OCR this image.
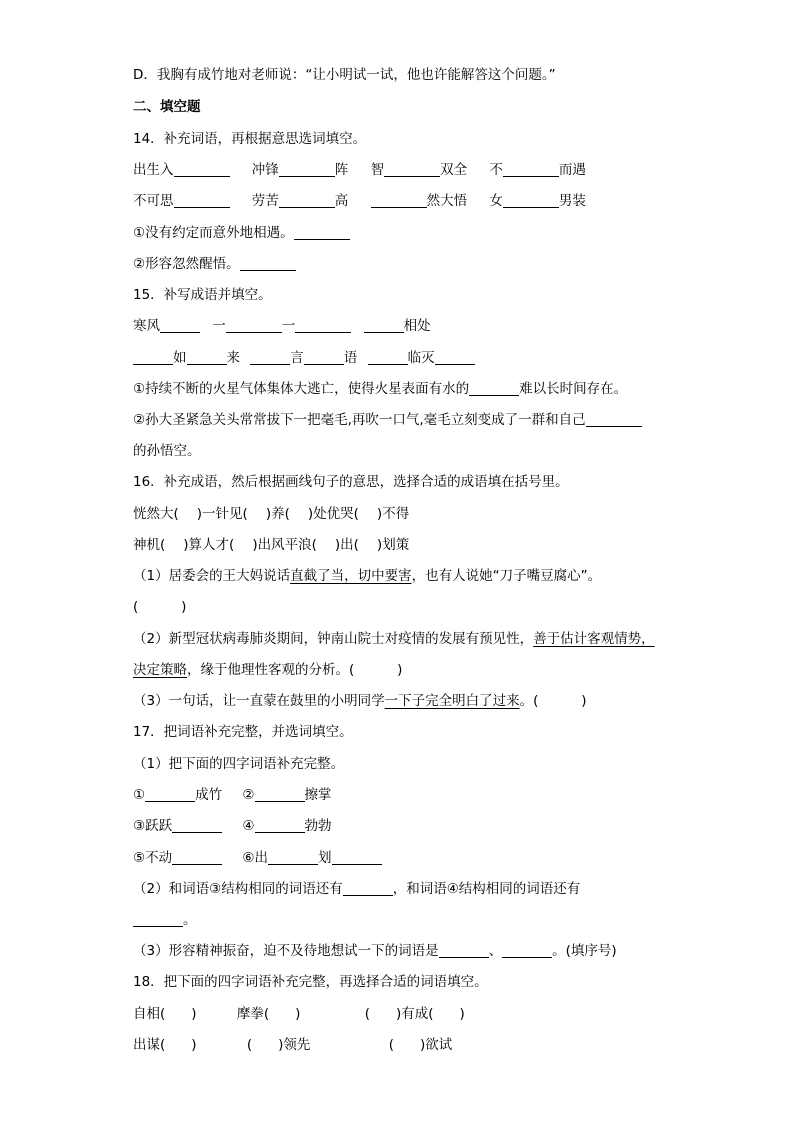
D．我胸有成竹地对老师说：“让小明试一试，他也许能解答这个问题。”
二、填空题
14．补充词语，再根据意思选词填空。
出生入	冲锋	阵 智	双全 不	而遇
不可思	劳苦	高	然大悟 女	男装
①没有约定而意外地相遇。
②形容忽然醒悟。
15．补写成语并填空。
寒风	一	一	相处
如	来	言	语	临灭
①持续不断的火星气体集体大逃亡，使得火星表面有水的	难以长时间存在。
②孙大圣紧急关头常常拔下一把毫毛,再吹一口气,毫毛立刻变成了一群和自己
的孙悟空。
16．补充成语，然后根据画线句子的意思，选择合适的成语填在括号里。
恍然大( )一针见( )养( )处优哭( )不得
神机( )算人才( )出风平浪( )出( )划策
（1）居委会的王大妈说话直截了当，切中要害，也有人说她“刀子嘴豆腐心”。
(          )
（2）新型冠状病毒肺炎期间，钟南山院士对疫情的发展有预见性，善于估计客观情势，
决定策略，缘于他理性客观的分析。(          )
（3）一句话，让一直蒙在鼓里的小明同学一下子完全明白了过来。(          )
17．把词语补充完整，并选词填空。
（1）把下面的四字词语补充完整。
①	成竹 ②	擦掌
③跃跃	④	勃勃
⑤不动	⑥出	划
（2）和词语③结构相同的词语还有	，和词语④结构相同的词语还有
。
（3）形容精神振奋，迫不及待地想试一下的词语是	、	。(填序号)
18．把下面的四字词语补充完整，再选择合适的词语填空。
自相( )	摩拳( )	( )有成( )
出谋( )	( )领先	( )欲试
